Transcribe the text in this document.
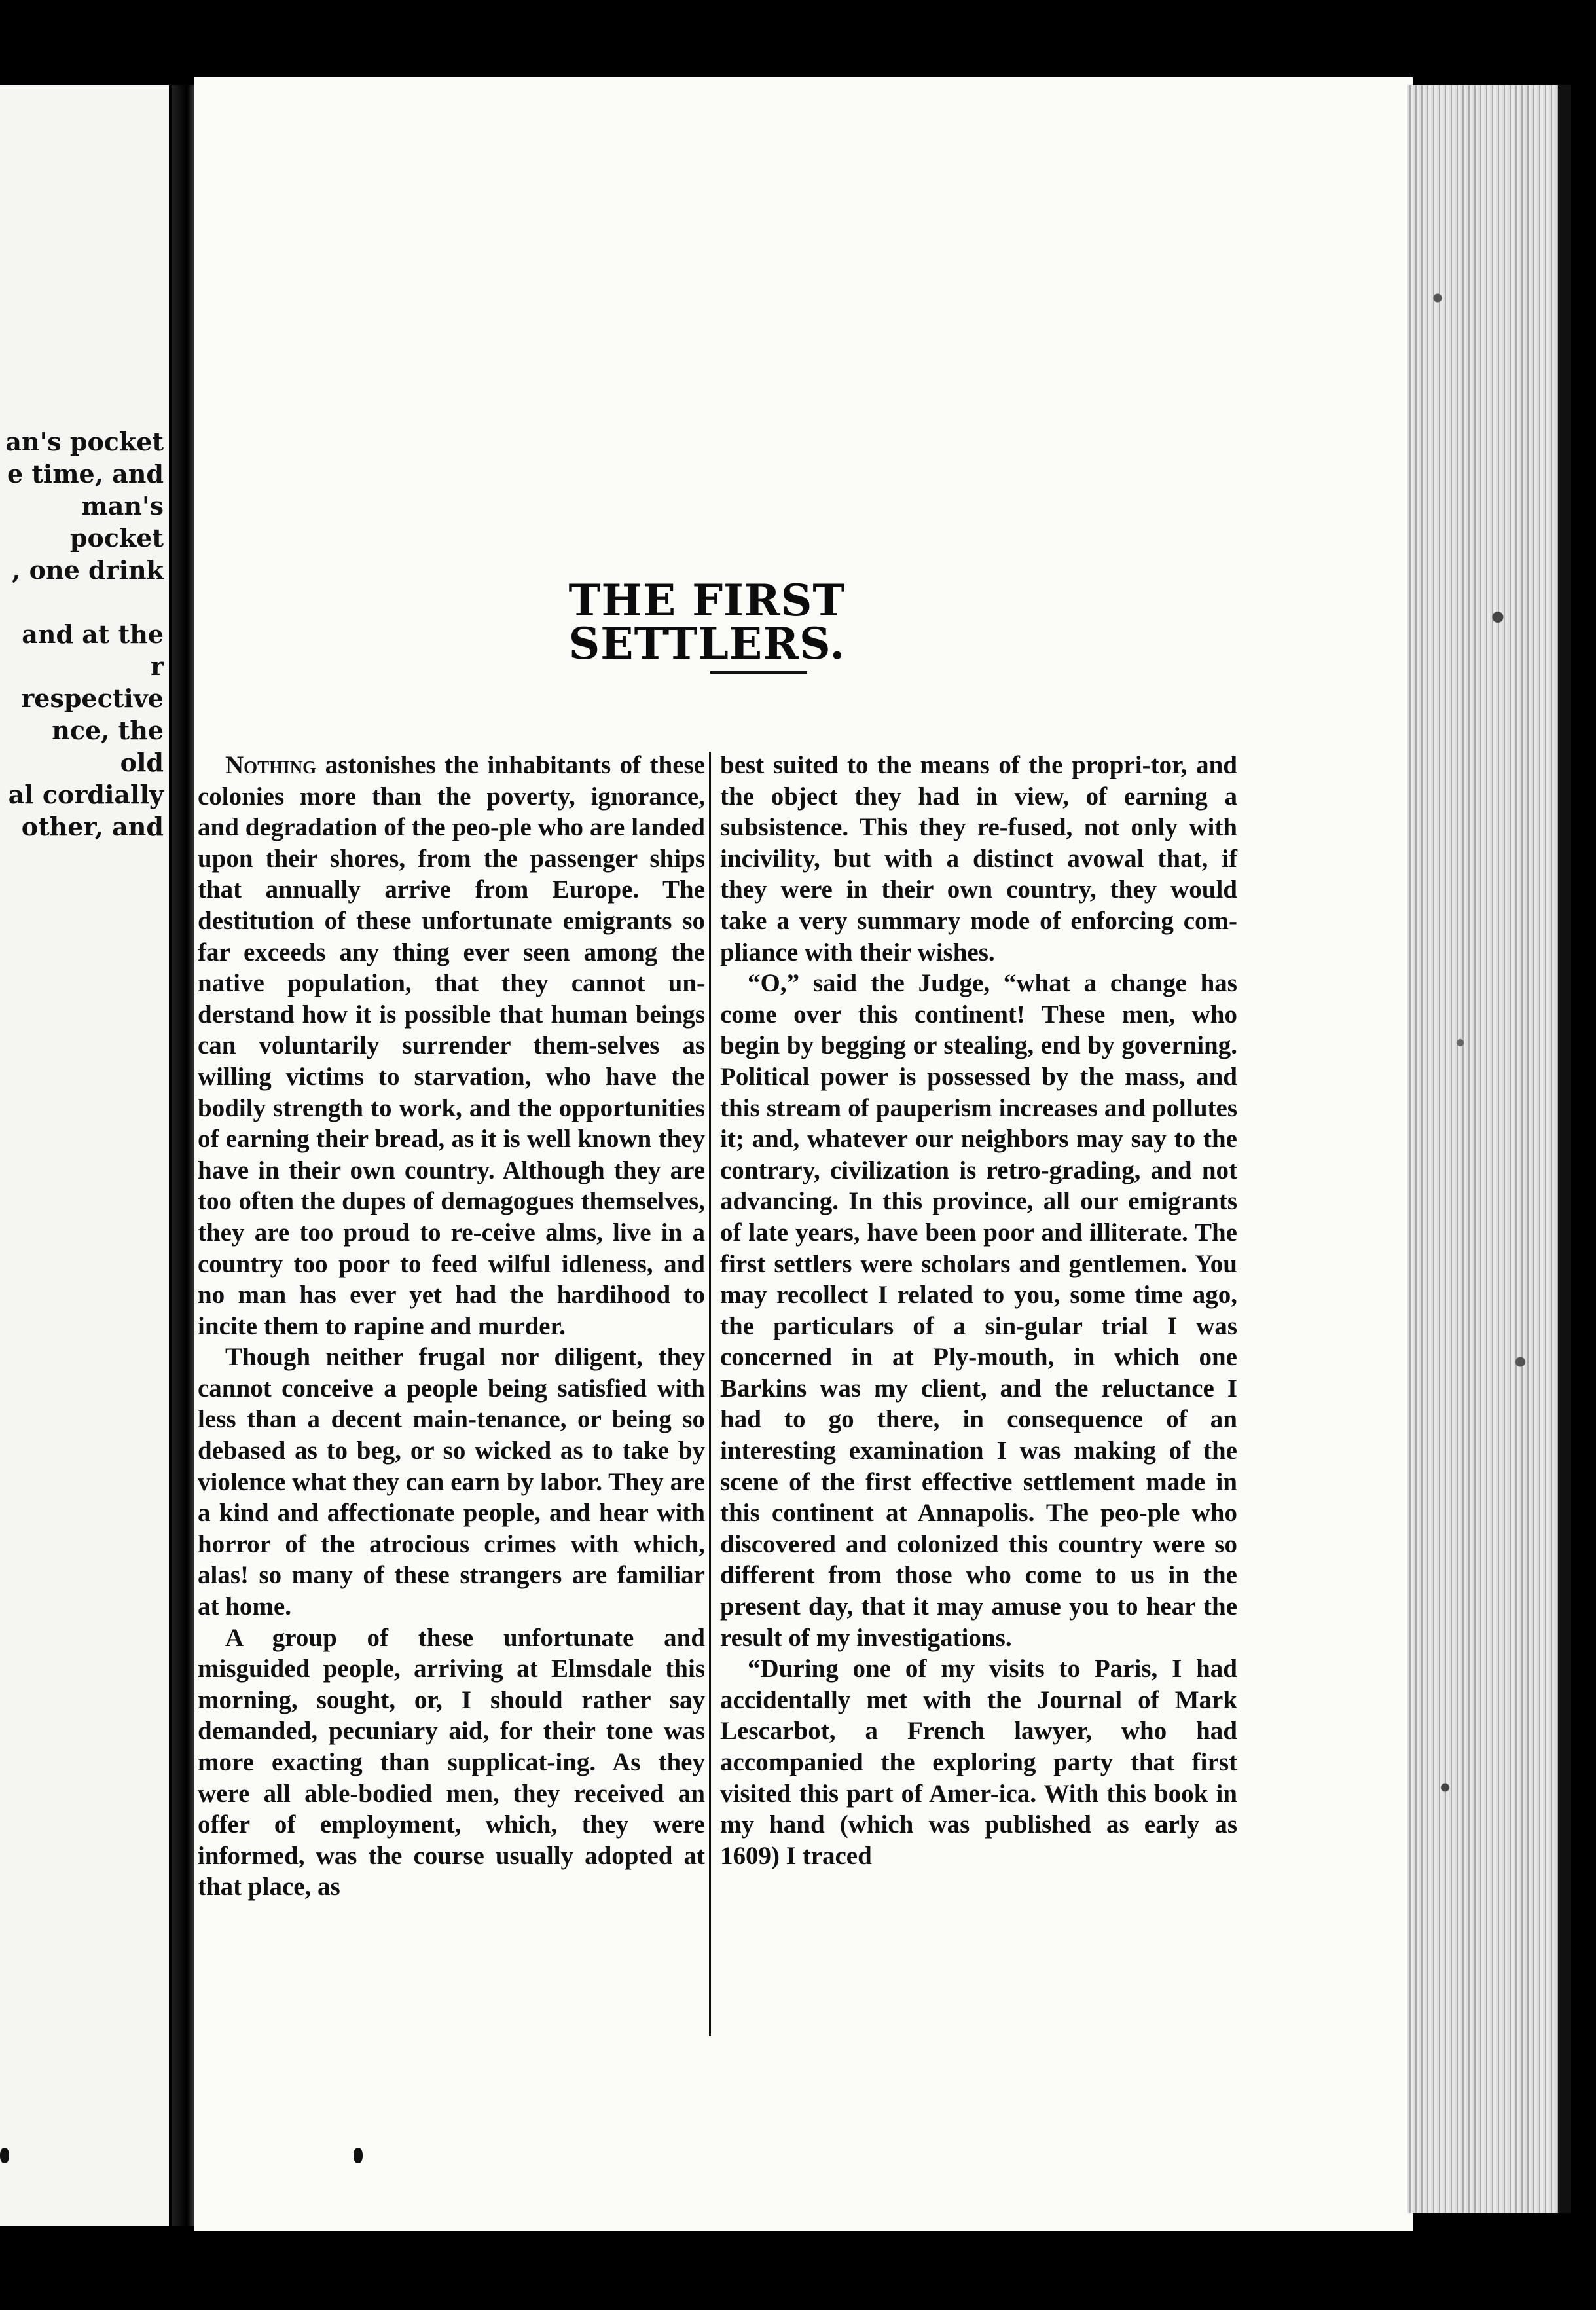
an's pocket
e time, and
man's pocket
, one drink
and at the
r respective
nce, the old
al cordially
other, and
THE FIRST SETTLERS.

Nothing astonishes the inhabitants of these colonies more than the poverty, ignorance, and degradation of the peo-ple who are landed upon their shores, from the passenger ships that annually arrive from Europe. The destitution of these unfortunate emigrants so far exceeds any thing ever seen among the native population, that they cannot un-derstand how it is possible that human beings can voluntarily surrender them-selves as willing victims to starvation, who have the bodily strength to work, and the opportunities of earning their bread, as it is well known they have in their own country. Although they are too often the dupes of demagogues themselves, they are too proud to re-ceive alms, live in a country too poor to feed wilful idleness, and no man has ever yet had the hardihood to incite them to rapine and murder.

Though neither frugal nor diligent, they cannot conceive a people being satisfied with less than a decent main-tenance, or being so debased as to beg, or so wicked as to take by violence what they can earn by labor. They are a kind and affectionate people, and hear with horror of the atrocious crimes with which, alas! so many of these strangers are familiar at home.

A group of these unfortunate and misguided people, arriving at Elmsdale this morning, sought, or, I should rather say demanded, pecuniary aid, for their tone was more exacting than supplicat-ing. As they were all able-bodied men, they received an offer of employment, which, they were informed, was the course usually adopted at that place, as

best suited to the means of the propri-tor, and the object they had in view, of earning a subsistence. This they re-fused, not only with incivility, but with a distinct avowal that, if they were in their own country, they would take a very summary mode of enforcing com-pliance with their wishes.

“O,” said the Judge, “what a change has come over this continent! These men, who begin by begging or stealing, end by governing. Political power is possessed by the mass, and this stream of pauperism increases and pollutes it; and, whatever our neighbors may say to the contrary, civilization is retro-grading, and not advancing. In this province, all our emigrants of late years, have been poor and illiterate. The first settlers were scholars and gentlemen. You may recollect I related to you, some time ago, the particulars of a sin-gular trial I was concerned in at Ply-mouth, in which one Barkins was my client, and the reluctance I had to go there, in consequence of an interesting examination I was making of the scene of the first effective settlement made in this continent at Annapolis. The peo-ple who discovered and colonized this country were so different from those who come to us in the present day, that it may amuse you to hear the result of my investigations.

“During one of my visits to Paris, I had accidentally met with the Journal of Mark Lescarbot, a French lawyer, who had accompanied the exploring party that first visited this part of Amer-ica. With this book in my hand (which was published as early as 1609) I traced
